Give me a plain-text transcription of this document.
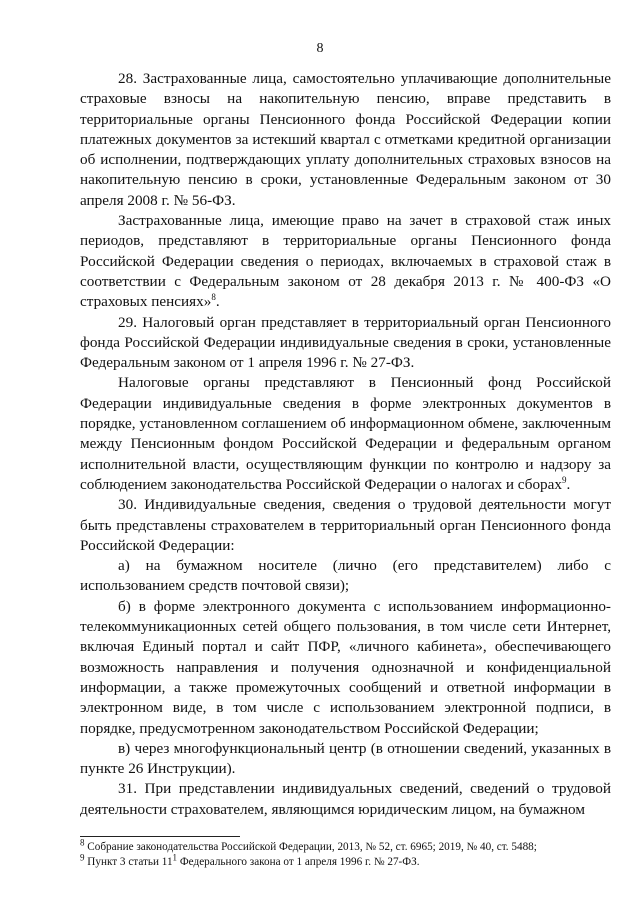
8

28. Застрахованные лица, самостоятельно уплачивающие дополнительные страховые взносы на накопительную пенсию, вправе представить в территориальные органы Пенсионного фонда Российской Федерации копии платежных документов за истекший квартал с отметками кредитной организации об исполнении, подтверждающих уплату дополнительных страховых взносов на накопительную пенсию в сроки, установленные Федеральным законом от 30 апреля 2008 г. № 56-ФЗ.

Застрахованные лица, имеющие право на зачет в страховой стаж иных периодов, представляют в территориальные органы Пенсионного фонда Российской Федерации сведения о периодах, включаемых в страховой стаж в соответствии с Федеральным законом от 28 декабря 2013 г. № 400-ФЗ «О страховых пенсиях»$^8$.

29. Налоговый орган представляет в территориальный орган Пенсионного фонда Российской Федерации индивидуальные сведения в сроки, установленные Федеральным законом от 1 апреля 1996 г. № 27-ФЗ.

Налоговые органы представляют в Пенсионный фонд Российской Федерации индивидуальные сведения в форме электронных документов в порядке, установленном соглашением об информационном обмене, заключенным между Пенсионным фондом Российской Федерации и федеральным органом исполнительной власти, осуществляющим функции по контролю и надзору за соблюдением законодательства Российской Федерации о налогах и сборах$^9$.

30. Индивидуальные сведения, сведения о трудовой деятельности могут быть представлены страхователем в территориальный орган Пенсионного фонда Российской Федерации:

а) на бумажном носителе (лично (его представителем) либо с использованием средств почтовой связи);

б) в форме электронного документа с использованием информационно-телекоммуникационных сетей общего пользования, в том числе сети Интернет, включая Единый портал и сайт ПФР, «личного кабинета», обеспечивающего возможность направления и получения однозначной и конфиденциальной информации, а также промежуточных сообщений и ответной информации в электронном виде, в том числе с использованием электронной подписи, в порядке, предусмотренном законодательством Российской Федерации;

в) через многофункциональный центр (в отношении сведений, указанных в пункте 26 Инструкции).

31. При представлении индивидуальных сведений, сведений о трудовой деятельности страхователем, являющимся юридическим лицом, на бумажном

$^8$ Собрание законодательства Российской Федерации, 2013, № 52, ст. 6965; 2019, № 40, ст. 5488;

$^9$ Пункт 3 статьи $11^1$ Федерального закона от 1 апреля 1996 г. № 27-ФЗ.
